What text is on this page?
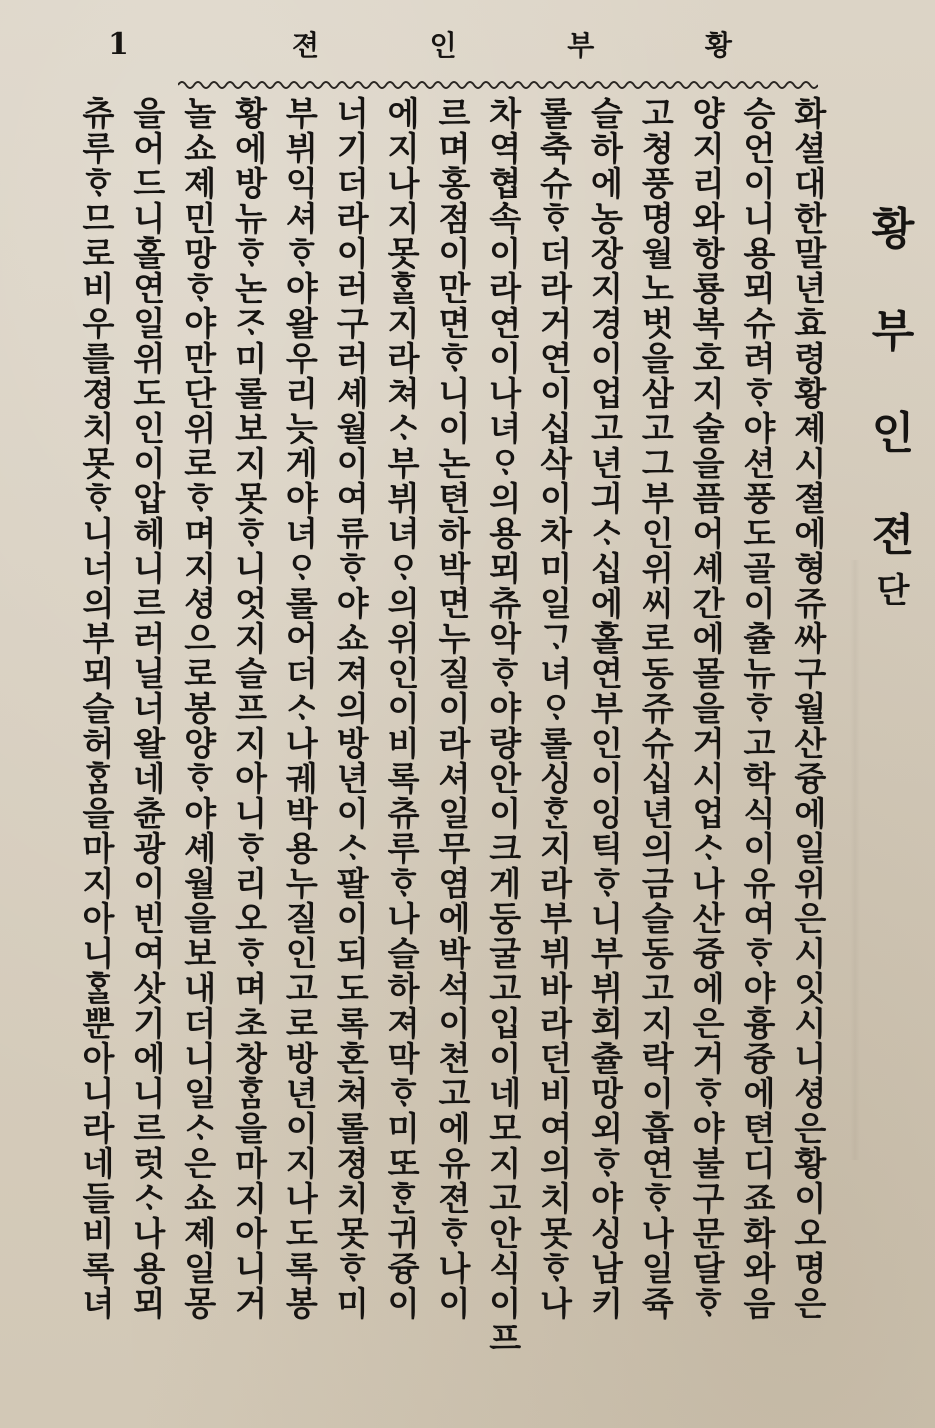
1	황
부
인
젼
화셜대한말년효령황졔시졀에형쥬싸구월산즁에일위은시잇시니셩은황이오명은
승언이니용뫼슈려ᄒᆞ야션풍도골이츌뉴ᄒᆞ고학식이유여ᄒᆞ야흉즁에텬디죠화와음
양지리와항룡복호지술을픔어셰간에몰을거시업ᄉᆞ나산즁에은거ᄒᆞ야불구문달ᄒᆞ
고쳥풍명월노벗을삼고그부인위씨로동쥬슈십년의금슬동고지락이흡연ᄒᆞ나일쥭
슬하에농장지경이업고년긔ᄉᆞ십에홀연부인이잉틱ᄒᆞ니부뷔회츌망외ᄒᆞ야싱남키
롤축슈ᄒᆞ더라거연이십삭이차미일ᄀᆞ녀ᄋᆞ롤싱ᄒᆞᆫ지라부뷔바라던비여의치못ᄒᆞ나
차역협속이라연이나녀ᄋᆞ의용뫼츄악ᄒᆞ야량안이크게둥굴고입이네모지고안식이프
르며홍점이만면ᄒᆞ니이논텬하박면누질이라셔일무염에박석이쳔고에유젼ᄒᆞ나이
에지나지못ᄒᆞᆯ지라쳐ᄉᆞ부뷔녀ᄋᆞ의위인이비록츄루ᄒᆞ나슬하져막ᄒᆞ미또ᄒᆞᆫ귀즁이
너기더라이러구러셰월이여류ᄒᆞ야쇼져의방년이ᄉᆞ팔이되도록혼쳐롤졍치못ᄒᆞ미
부뷔익셔ᄒᆞ야왈우리늣게야녀ᄋᆞ롤어더ᄉᆞ나궤박용누질인고로방년이지나도록봉
황에방뉴ᄒᆞ논ᄌᆞ미롤보지못ᄒᆞ니엇지슬프지아니ᄒᆞ리오ᄒᆞ며초창ᄒᆞᆷ을마지아니거
놀쇼졔민망ᄒᆞ야만단위로ᄒᆞ며지셩으로봉양ᄒᆞ야셰월을보내더니일ᄉᆞ은쇼졔일몽
을어드니홀연일위도인이압헤니르러닐너왈네츈광이빈여삿기에니르럿ᄉᆞ나용뫼
츄루ᄒᆞ므로비우를졍치못ᄒᆞ니너의부뫼슬허ᄒᆞᆷ을마지아니ᄒᆞᆯ뿐아니라네들비록녀	황
부
인
젼
단
